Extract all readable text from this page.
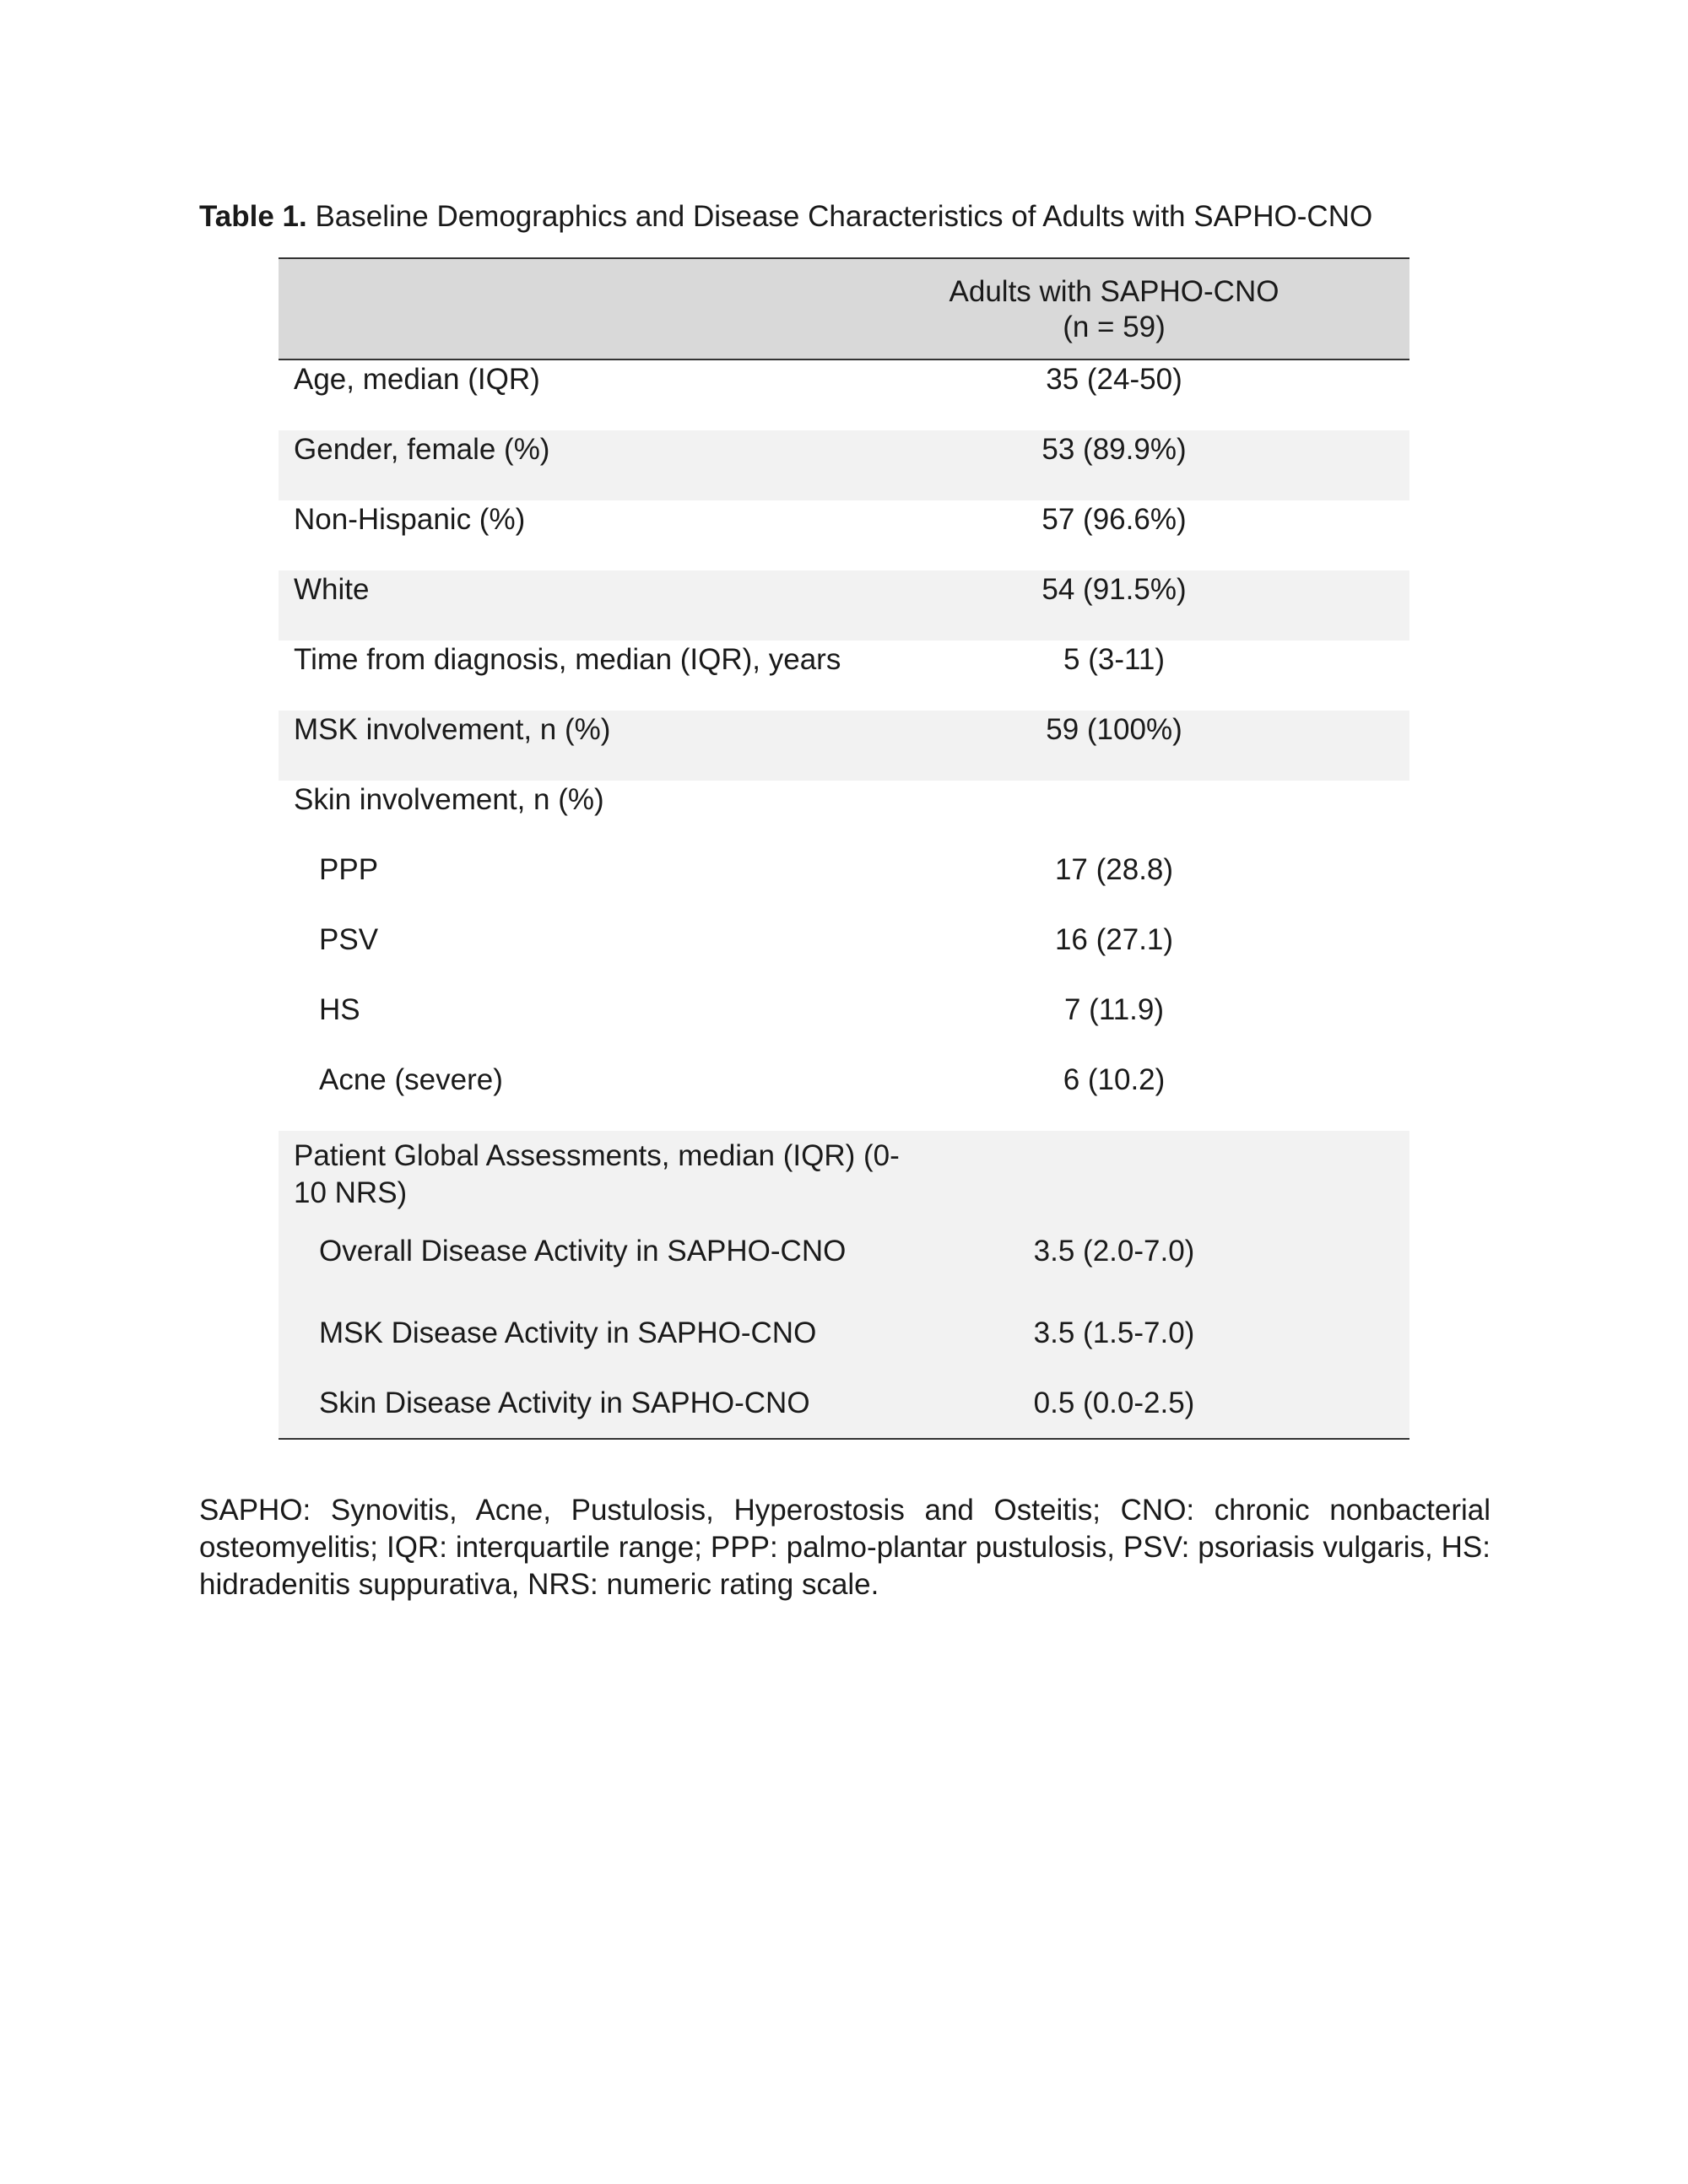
Table 1. Baseline Demographics and Disease Characteristics of Adults with SAPHO-CNO
Adults with SAPHO-CNO
(n = 59)
Age, median (IQR)	35 (24-50)
Gender, female (%)	53 (89.9%)
Non-Hispanic (%)	57 (96.6%)
White	54 (91.5%)
Time from diagnosis, median (IQR), years	5 (3-11)
MSK involvement, n (%)	59 (100%)
Skin involvement, n (%)
PPP	17 (28.8)
PSV	16 (27.1)
HS	7 (11.9)
Acne (severe)	6 (10.2)
Patient Global Assessments, median (IQR) (0-10 NRS)
Overall Disease Activity in SAPHO-CNO	3.5 (2.0-7.0)
MSK Disease Activity in SAPHO-CNO	3.5 (1.5-7.0)
Skin Disease Activity in SAPHO-CNO	0.5 (0.0-2.5)
SAPHO: Synovitis, Acne, Pustulosis, Hyperostosis and Osteitis; CNO: chronic nonbacterial osteomyelitis; IQR: interquartile range; PPP: palmo-plantar pustulosis, PSV: psoriasis vulgaris, HS: hidradenitis suppurativa, NRS: numeric rating scale.
